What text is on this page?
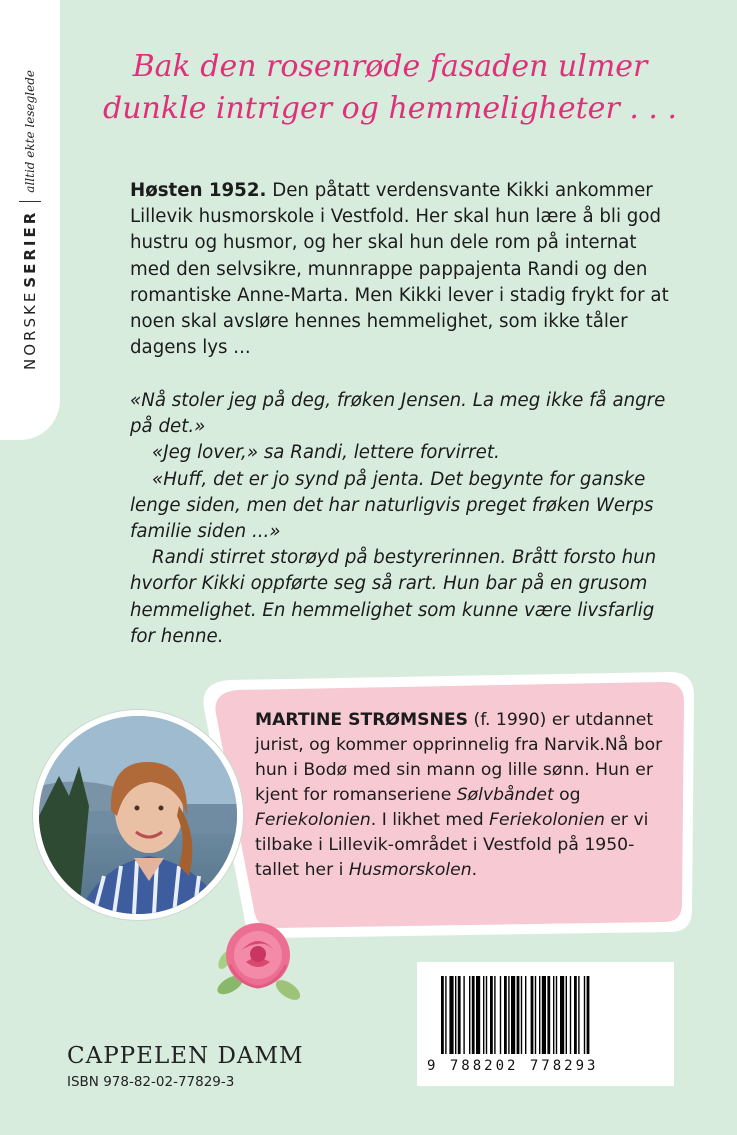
NORSKE
SERIER
alltid ekte leseglede
Bak den rosenrøde fasaden ulmer
dunkle intriger og hemmeligheter . . .
Høsten 1952. Den påtatt verdensvante Kikki ankommer Lillevik husmorskole i Vestfold. Her skal hun lære å bli god hustru og husmor, og her skal hun dele rom på internat med den selvsikre, munnrappe pappajenta Randi og den romantiske Anne-Marta. Men Kikki lever i stadig frykt for at noen skal avsløre hennes hemmelighet, som ikke tåler dagens lys ...

«Nå stoler jeg på deg, frøken Jensen. La meg ikke få angre på det.»

«Jeg lover,» sa Randi, lettere forvirret.

«Huff, det er jo synd på jenta. Det begynte for ganske lenge siden, men det har naturligvis preget frøken Werps familie siden ...»

Randi stirret storøyd på bestyrerinnen. Brått forsto hun hvorfor Kikki oppførte seg så rart. Hun bar på en grusom hemmelighet. En hemmelighet som kunne være livsfarlig for henne.

MARTINE STRØMSNES (f. 1990) er utdannet jurist, og kommer opprinnelig fra Narvik.Nå bor hun i Bodø med sin mann og lille sønn. Hun er kjent for romanseriene Sølvbåndet og Feriekolonien. I likhet med Feriekolonien er vi tilbake i Lillevik-området i Vestfold på 1950-tallet her i Husmorskolen.
CAPPELEN DAMM
ISBN 978-82-02-77829-3
9 788202 778293
